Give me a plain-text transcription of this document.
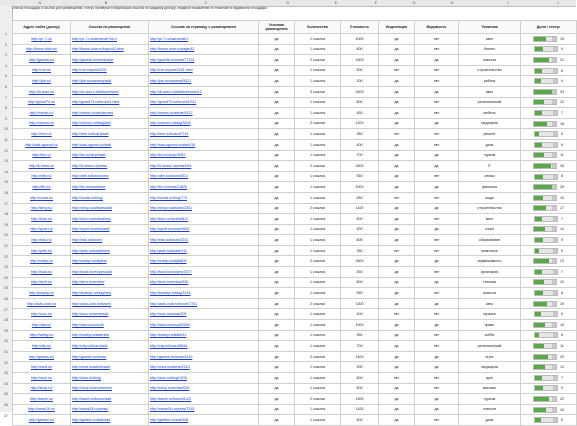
A	B	C	D	E	F	G	H	I	J
1
2
3
4
5
6
7
8
9
10
11
12
13
14
15
16
17
18
19
20
21
22
23
24
25
26
27
28
29
30
31
32
33
34
35
36
37
Список площадок и ссылок для размещения; статус проверки и индексация ссылок по каждому донору; сводные показатели по тематике и видимости площадки
Адрес сайта (донор)	Ссылка на размещение	Ссылка на страницу с размещением	Условия размещения	Количество	Стоимость	Индексация	Видимость	Тематика	Доля / статус
http://pr-7.ru/	http://pr-7.ru/users/cat/?id=1	http://pr-7.ru/users/cat/1	да	1 ссылка	1000	да	нет	авто	15
http://forum.dobr.ru/	http://forum.dobr.ru/topic/42.html	http://forum.dobr.ru/page/42	да	1 ссылка	600	да	нет	бизнес	9
http://gazeta.ru/	http://gazeta.ru/news/add/	http://gazeta.ru/news/77124	да	2 ссылки	1500	да	да	новости	21
http://cnt.ru/	http://cnt.ru/post/2201	http://cnt.ru/post/2201.html	да	1 ссылка	500	нет	нет	строительство	6
http://job.ru/	http://job.ru/vacancy/add	http://job.ru/vacancy/5521	да	1 ссылка	300	да	нет	работа	4
http://dr-auto.ru/	http://dr-auto.ru/bl/autoreview	http://dr-auto.ru/bl/autoreview/12	да	3 ссылки	2400	да	да	авто	33
http://gorod74.ru/	http://gorod74.ru/forum/1.html	http://gorod74.ru/forum/1/311	да	1 ссылка	800	да	нет	региональный	12
http://mebel.ru/	http://mebel.ru/article/new	http://mebel.ru/article/9122	да	1 ссылка	450	да	нет	мебель	7
http://zdorov.ru/	http://zdorov.ru/blog/add	http://zdorov.ru/blog/3318	да	2 ссылки	1200	да	да	медицина	18
http://rem.ru/	http://rem.ru/board/add	http://rem.ru/board/7744	да	1 ссылка	350	нет	нет	ремонт	5
http://sad-ogorod.ru/	http://sad-ogorod.ru/stat/	http://sad-ogorod.ru/stat/415	да	1 ссылка	400	да	нет	дача	6
http://tur.ru/	http://tur.ru/otzyv/add	http://tur.ru/otzyv/2087	да	1 ссылка	700	да	да	туризм	11
http://it-news.ru/	http://it-news.ru/press/	http://it-news.ru/press/645	да	2 ссылки	1800	да	да	IT	26
http://deti.ru/	http://deti.ru/forum/new	http://deti.ru/forum/5521	да	1 ссылка	550	да	нет	семья	8
http://fin.ru/	http://fin.ru/news/add	http://fin.ru/news/11820	да	1 ссылка	2000	да	да	финансы	29
http://moda.ru/	http://moda.ru/blog/	http://moda.ru/blog/774	да	1 ссылка	650	нет	нет	мода	10
http://stroy.ru/	http://stroy.ru/articles/add	http://stroy.ru/articles/3301	да	2 ссылки	1100	да	да	строительство	17
http://kino.ru/	http://kino.ru/review/new	http://kino.ru/review/812	да	1 ссылка	500	да	нет	кино	7
http://sport.ru/	http://sport.ru/news/add	http://sport.ru/news/9942	да	1 ссылка	900	да	да	спорт	14
http://edu.ru/	http://edu.ru/forum/	http://edu.ru/forum/2231	да	1 ссылка	600	да	нет	образование	9
http://pets.ru/	http://pets.ru/board/new	http://pets.ru/board/411	да	1 ссылка	350	нет	нет	животные	5
http://realty.ru/	http://realty.ru/obj/add	http://realty.ru/obj/6605	да	2 ссылки	1600	да	да	недвижимость	23
http://food.ru/	http://food.ru/recipes/add	http://food.ru/recipes/1577	да	1 ссылка	450	да	нет	кулинария	7
http://tech.ru/	http://tech.ru/review/	http://tech.ru/review/930	да	1 ссылка	800	да	да	техника	12
http://beauty.ru/	http://beauty.ru/blog/new	http://beauty.ru/blog/1418	да	1 ссылка	550	да	нет	красота	8
http://auto-club.ru/	http://auto-club.ru/forum/	http://auto-club.ru/forum/7731	да	2 ссылки	1300	да	да	авто	19
http://muz.ru/	http://muz.ru/news/add	http://muz.ru/news/205	да	1 ссылка	400	нет	нет	музыка	6
http://law.ru/	http://law.ru/consult/	http://law.ru/consult/3390	да	1 ссылка	1000	да	да	право	15
http://hobby.ru/	http://hobby.ru/stat/new	http://hobby.ru/stat/612	да	1 ссылка	350	да	нет	хобби	5
http://city.ru/	http://city.ru/board/add	http://city.ru/board/8844	да	1 ссылка	700	да	нет	региональный	11
http://games.ru/	http://games.ru/news/	http://games.ru/news/4410	да	2 ссылки	1400	да	да	игры	20
http://med.ru/	http://med.ru/article/add	http://med.ru/article/2210	да	1 ссылка	900	да	да	медицина	13
http://dom.ru/	http://dom.ru/blog/	http://dom.ru/blog/1930	да	1 ссылка	500	нет	нет	дом	7
http://shop.ru/	http://shop.ru/review/new	http://shop.ru/review/515	да	1 ссылка	600	да	нет	магазин	9
http://travel.ru/	http://travel.ru/forum/add	http://travel.ru/forum/6120	да	2 ссылки	1500	да	да	туризм	22
http://news24.ru/	http://news24.ru/press/	http://news24.ru/press/7315	да	1 ссылка	1100	да	да	новости	16
http://garden.ru/	http://garden.ru/stat/add	http://garden.ru/stat/908	да	1 ссылка	400	да	нет	дача	6
